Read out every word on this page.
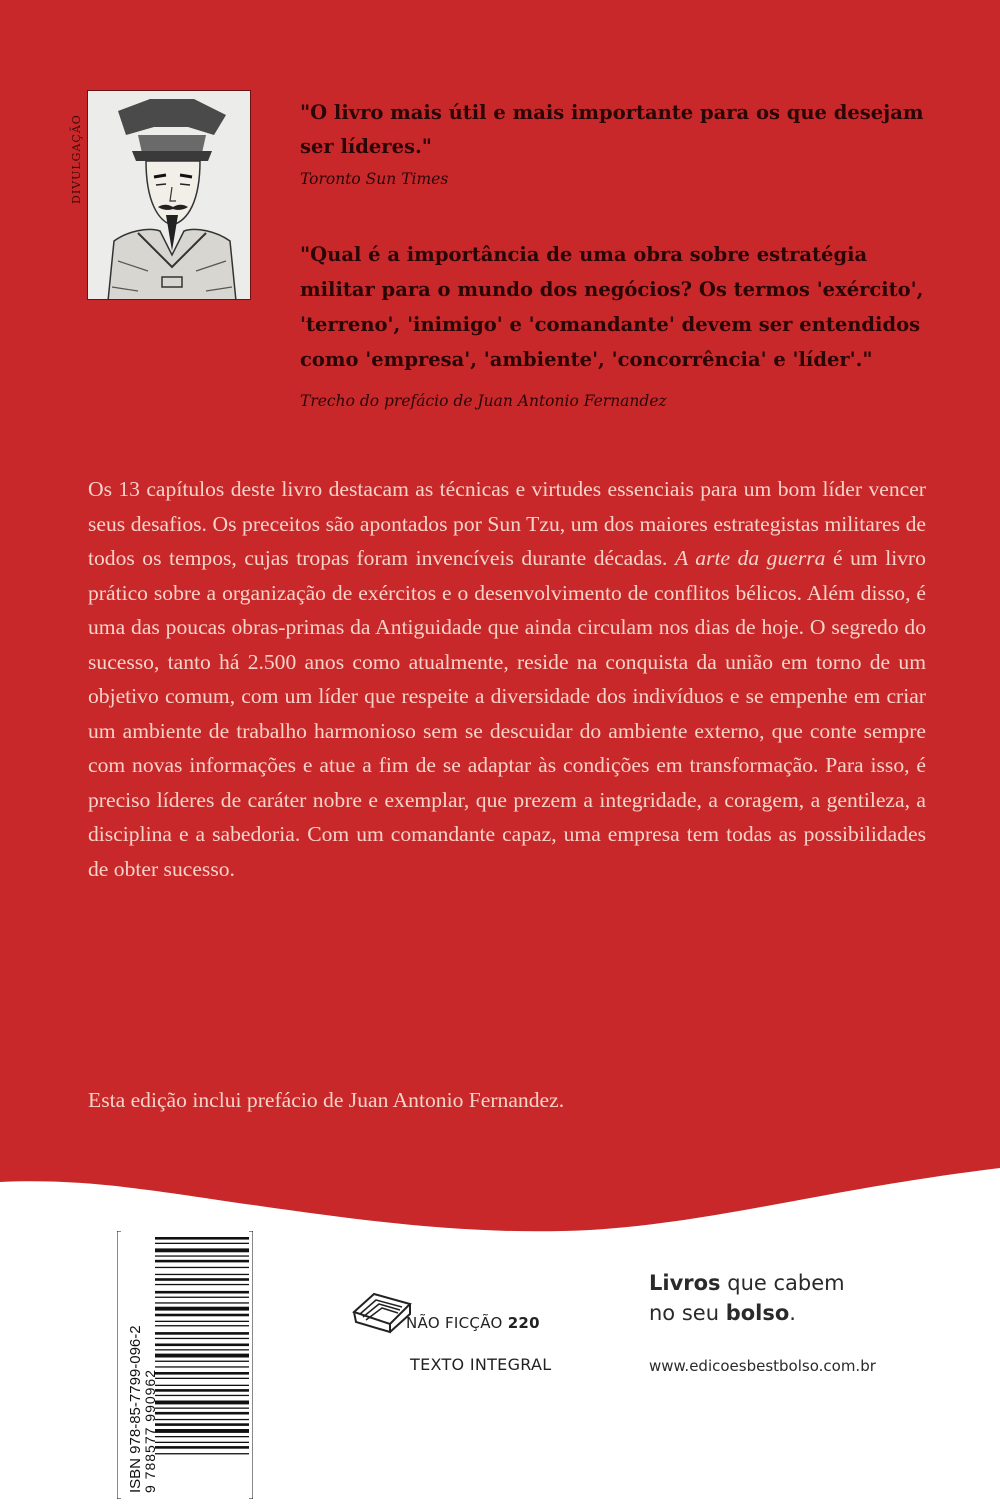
DIVULGAÇÃO

"O livro mais útil e mais importante para os que desejam

ser líderes."

Toronto Sun Times

"Qual é a importância de uma obra sobre estratégia

militar para o mundo dos negócios? Os termos 'exército',

'terreno', 'inimigo' e 'comandante' devem ser entendidos

como 'empresa', 'ambiente', 'concorrência' e 'líder'."

Trecho do prefácio de Juan Antonio Fernandez

Os 13 capítulos deste livro destacam as técnicas e virtudes essenciais para um bom líder vencer seus desafios. Os preceitos são apontados por Sun Tzu, um dos maiores estrategistas militares de todos os tempos, cujas tropas foram invencíveis durante décadas. A arte da guerra é um livro prático sobre a organização de exércitos e o desenvolvimento de conflitos bélicos. Além disso, é uma das poucas obras-primas da Antiguidade que ainda circulam nos dias de hoje. O segredo do sucesso, tanto há 2.500 anos como atualmente, reside na conquista da união em torno de um objetivo comum, com um líder que respeite a diversidade dos indivíduos e se empenhe em criar um ambiente de trabalho harmonioso sem se descuidar do ambiente externo, que conte sempre com novas informações e atue a fim de se adaptar às condições em transformação. Para isso, é preciso líderes de caráter nobre e exemplar, que prezem a integridade, a coragem, a gentileza, a disciplina e a sabedoria. Com um comandante capaz, uma empresa tem todas as possibilidades de obter sucesso.

Esta edição inclui prefácio de Juan Antonio Fernandez.

ISBN 978-85-7799-096-2
9 788577 990962
NÃO FICÇÃO 220
TEXTO INTEGRAL
Livros que cabem
no seu bolso.
www.edicoesbestbolso.com.br
